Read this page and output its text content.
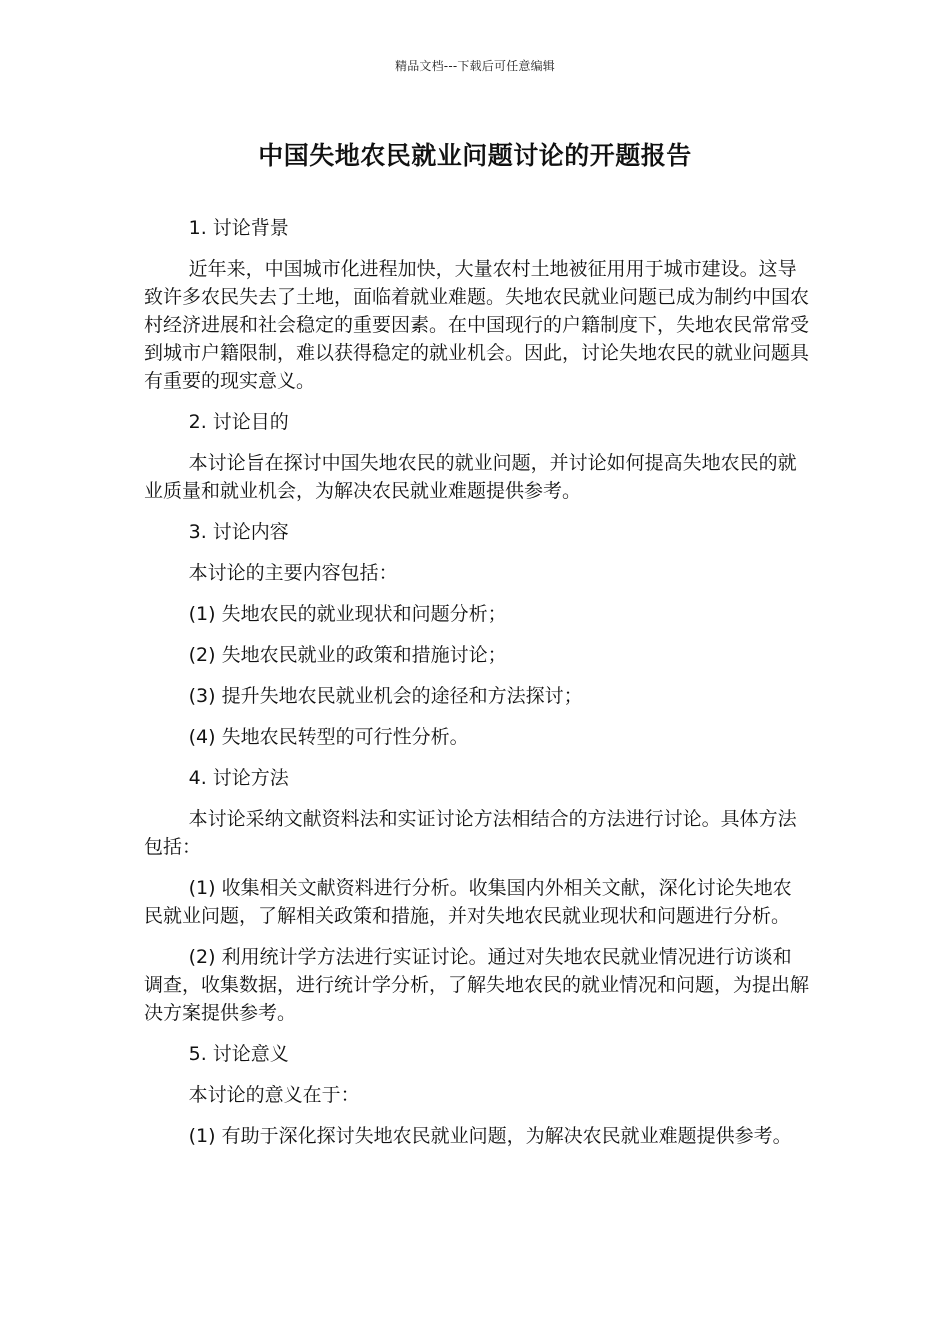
精品文档---下载后可任意编辑
中国失地农民就业问题讨论的开题报告

1. 讨论背景

近年来，中国城市化进程加快，大量农村土地被征用用于城市建设。这导致许多农民失去了土地，面临着就业难题。失地农民就业问题已成为制约中国农村经济进展和社会稳定的重要因素。在中国现行的户籍制度下，失地农民常常受到城市户籍限制，难以获得稳定的就业机会。因此，讨论失地农民的就业问题具有重要的现实意义。

2. 讨论目的

本讨论旨在探讨中国失地农民的就业问题，并讨论如何提高失地农民的就业质量和就业机会，为解决农民就业难题提供参考。

3. 讨论内容

本讨论的主要内容包括：

(1) 失地农民的就业现状和问题分析；

(2) 失地农民就业的政策和措施讨论；

(3) 提升失地农民就业机会的途径和方法探讨；

(4) 失地农民转型的可行性分析。

4. 讨论方法

本讨论采纳文献资料法和实证讨论方法相结合的方法进行讨论。具体方法包括：

(1) 收集相关文献资料进行分析。收集国内外相关文献，深化讨论失地农民就业问题，了解相关政策和措施，并对失地农民就业现状和问题进行分析。

(2) 利用统计学方法进行实证讨论。通过对失地农民就业情况进行访谈和调查，收集数据，进行统计学分析，了解失地农民的就业情况和问题，为提出解决方案提供参考。

5. 讨论意义

本讨论的意义在于：

(1) 有助于深化探讨失地农民就业问题，为解决农民就业难题提供参考。
